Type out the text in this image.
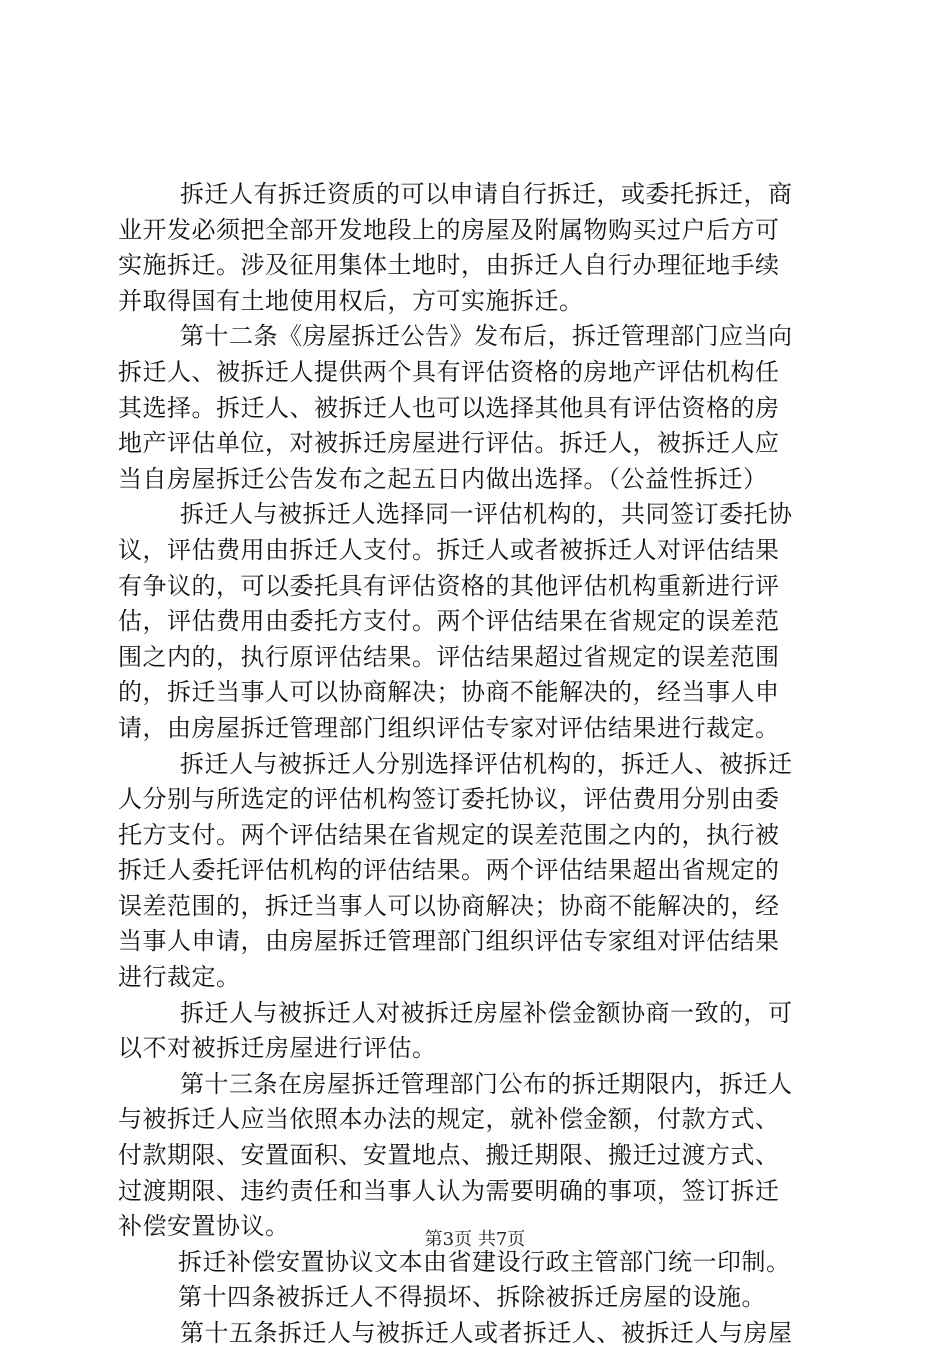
拆迁人有拆迁资质的可以申请自行拆迁，或委托拆迁，商
业开发必须把全部开发地段上的房屋及附属物购买过户后方可
实施拆迁。涉及征用集体土地时，由拆迁人自行办理征地手续
并取得国有土地使用权后，方可实施拆迁。
第十二条《房屋拆迁公告》发布后，拆迁管理部门应当向
拆迁人、被拆迁人提供两个具有评估资格的房地产评估机构任
其选择。拆迁人、被拆迁人也可以选择其他具有评估资格的房
地产评估单位，对被拆迁房屋进行评估。拆迁人，被拆迁人应
当自房屋拆迁公告发布之起五日内做出选择。（公益性拆迁）
拆迁人与被拆迁人选择同一评估机构的，共同签订委托协
议，评估费用由拆迁人支付。拆迁人或者被拆迁人对评估结果
有争议的，可以委托具有评估资格的其他评估机构重新进行评
估，评估费用由委托方支付。两个评估结果在省规定的误差范
围之内的，执行原评估结果。评估结果超过省规定的误差范围
的，拆迁当事人可以协商解决；协商不能解决的，经当事人申
请，由房屋拆迁管理部门组织评估专家对评估结果进行裁定。
拆迁人与被拆迁人分别选择评估机构的，拆迁人、被拆迁
人分别与所选定的评估机构签订委托协议，评估费用分别由委
托方支付。两个评估结果在省规定的误差范围之内的，执行被
拆迁人委托评估机构的评估结果。两个评估结果超出省规定的
误差范围的，拆迁当事人可以协商解决；协商不能解决的，经
当事人申请，由房屋拆迁管理部门组织评估专家组对评估结果
进行裁定。
拆迁人与被拆迁人对被拆迁房屋补偿金额协商一致的，可
以不对被拆迁房屋进行评估。
第十三条在房屋拆迁管理部门公布的拆迁期限内，拆迁人
与被拆迁人应当依照本办法的规定，就补偿金额，付款方式、
付款期限、安置面积、安置地点、搬迁期限、搬迁过渡方式、
过渡期限、违约责任和当事人认为需要明确的事项，签订拆迁
补偿安置协议。
拆迁补偿安置协议文本由省建设行政主管部门统一印制。
第十四条被拆迁人不得损坏、拆除被拆迁房屋的设施。
第十五条拆迁人与被拆迁人或者拆迁人、被拆迁人与房屋
第3页 共7页
